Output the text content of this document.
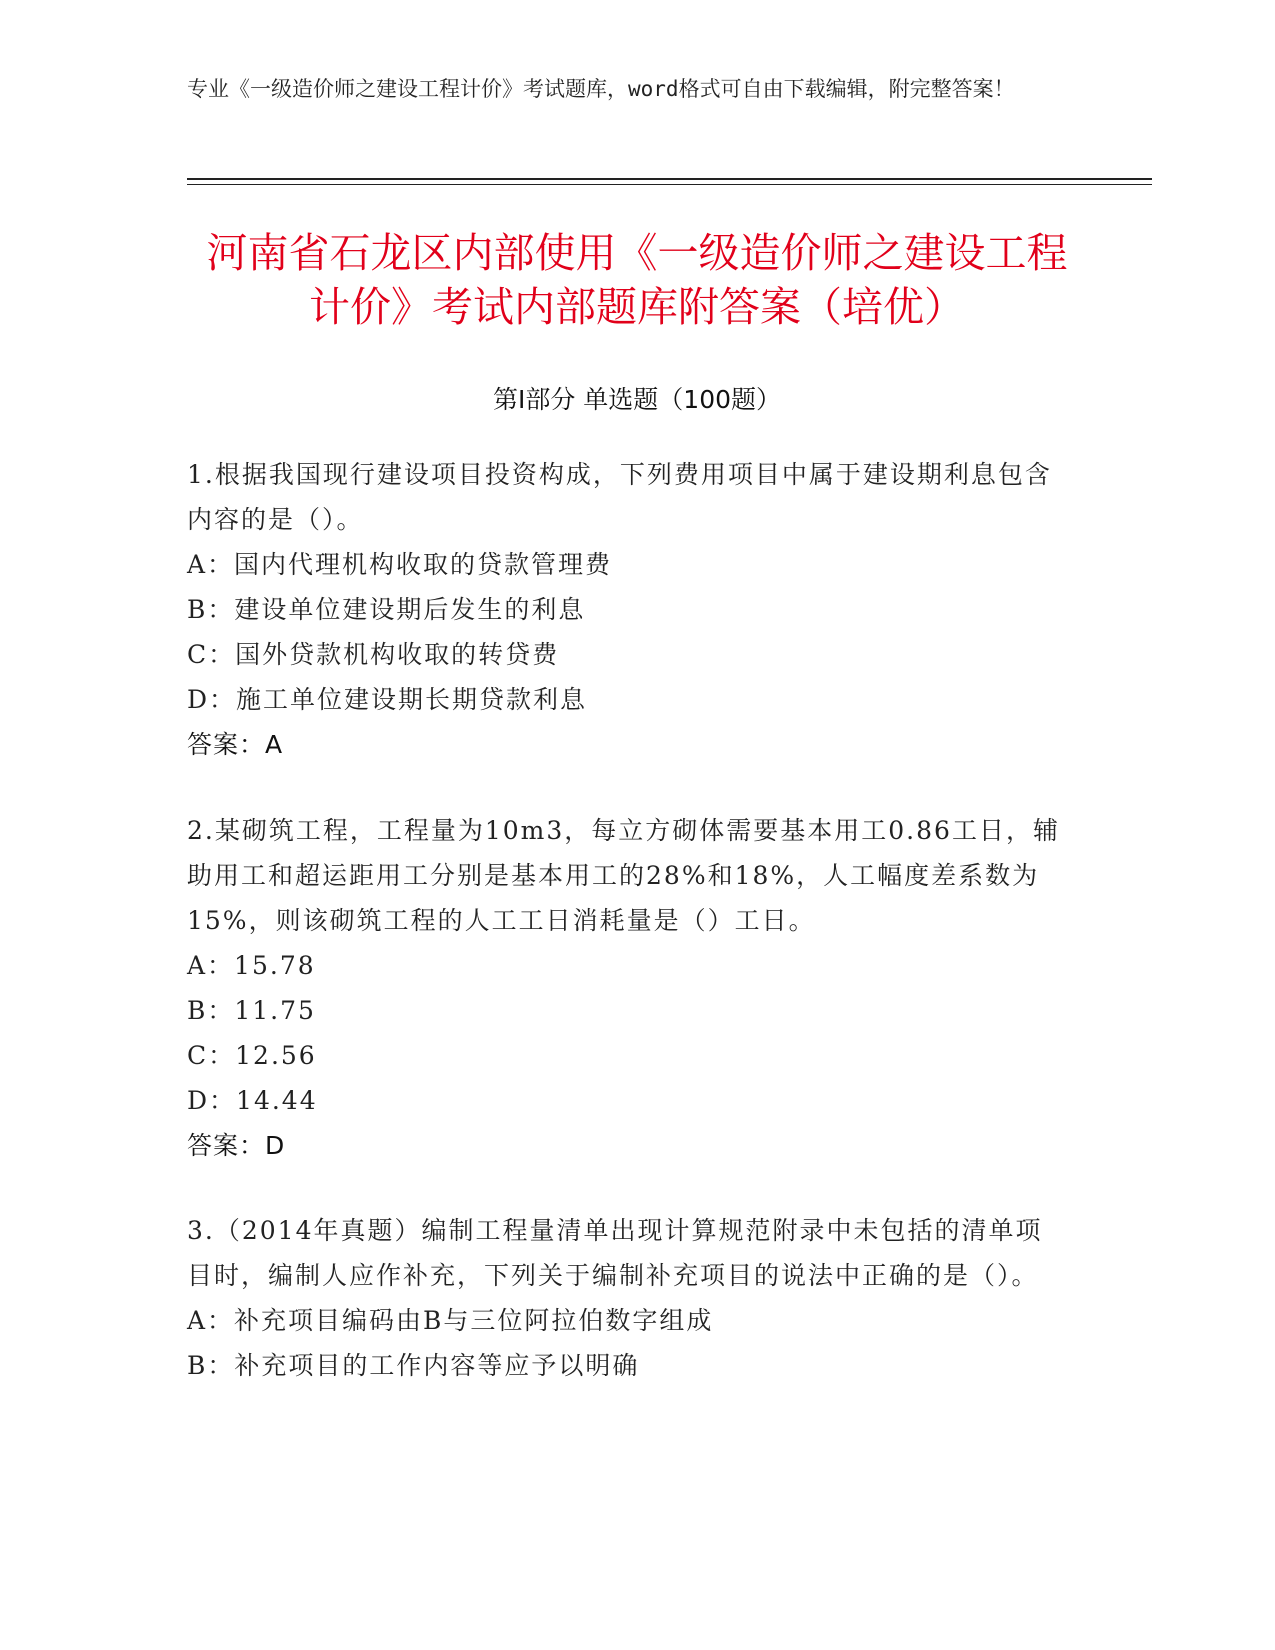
专业《一级造价师之建设工程计价》考试题库，word格式可自由下载编辑，附完整答案！
河南省石龙区内部使用《一级造价师之建设工程计价》考试内部题库附答案（培优）
第Ⅰ部分 单选题（100题）

1.根据我国现行建设项目投资构成，下列费用项目中属于建设期利息包含内容的是（）。

A：国内代理机构收取的贷款管理费

B：建设单位建设期后发生的利息

C：国外贷款机构收取的转贷费

D：施工单位建设期长期贷款利息

答案：A

2.某砌筑工程，工程量为10m3，每立方砌体需要基本用工0.86工日，辅助用工和超运距用工分别是基本用工的28%和18%，人工幅度差系数为15%，则该砌筑工程的人工工日消耗量是（）工日。

A：15.78

B：11.75

C：12.56

D：14.44

答案：D

3.（2014年真题）编制工程量清单出现计算规范附录中未包括的清单项目时，编制人应作补充，下列关于编制补充项目的说法中正确的是（）。

A：补充项目编码由B与三位阿拉伯数字组成

B：补充项目的工作内容等应予以明确
